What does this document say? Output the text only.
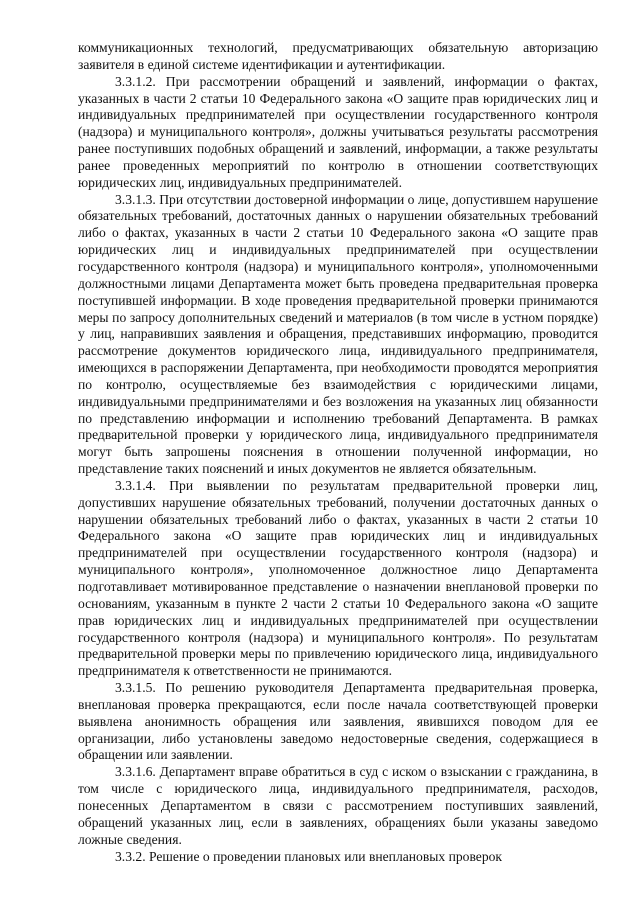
коммуникационных технологий, предусматривающих обязательную авторизацию заявителя в единой системе идентификации и аутентификации.

3.3.1.2. При рассмотрении обращений и заявлений, информации о фактах, указанных в части 2 статьи 10 Федерального закона «О защите прав юридических лиц и индивидуальных предпринимателей при осуществлении государственного контроля (надзора) и муниципального контроля», должны учитываться результаты рассмотрения ранее поступивших подобных обращений и заявлений, информации, а также результаты ранее проведенных мероприятий по контролю в отношении соответствующих юридических лиц, индивидуальных предпринимателей.

3.3.1.3. При отсутствии достоверной информации о лице, допустившем нарушение обязательных требований, достаточных данных о нарушении обязательных требований либо о фактах, указанных в части 2 статьи 10 Федерального закона «О защите прав юридических лиц и индивидуальных предпринимателей при осуществлении государственного контроля (надзора) и муниципального контроля», уполномоченными должностными лицами Департамента может быть проведена предварительная проверка поступившей информации. В ходе проведения предварительной проверки принимаются меры по запросу дополнительных сведений и материалов (в том числе в устном порядке) у лиц, направивших заявления и обращения, представивших информацию, проводится рассмотрение документов юридического лица, индивидуального предпринимателя, имеющихся в распоряжении Департамента, при необходимости проводятся мероприятия по контролю, осуществляемые без взаимодействия с юридическими лицами, индивидуальными предпринимателями и без возложения на указанных лиц обязанности по представлению информации и исполнению требований Департамента. В рамках предварительной проверки у юридического лица, индивидуального предпринимателя могут быть запрошены пояснения в отношении полученной информации, но представление таких пояснений и иных документов не является обязательным.

3.3.1.4. При выявлении по результатам предварительной проверки лиц, допустивших нарушение обязательных требований, получении достаточных данных о нарушении обязательных требований либо о фактах, указанных в части 2 статьи 10 Федерального закона «О защите прав юридических лиц и индивидуальных предпринимателей при осуществлении государственного контроля (надзора) и муниципального контроля», уполномоченное должностное лицо Департамента подготавливает мотивированное представление о назначении внеплановой проверки по основаниям, указанным в пункте 2 части 2 статьи 10 Федерального закона «О защите прав юридических лиц и индивидуальных предпринимателей при осуществлении государственного контроля (надзора) и муниципального контроля». По результатам предварительной проверки меры по привлечению юридического лица, индивидуального предпринимателя к ответственности не принимаются.

3.3.1.5. По решению руководителя Департамента предварительная проверка, внеплановая проверка прекращаются, если после начала соответствующей проверки выявлена анонимность обращения или заявления, явившихся поводом для ее организации, либо установлены заведомо недостоверные сведения, содержащиеся в обращении или заявлении.

3.3.1.6. Департамент вправе обратиться в суд с иском о взыскании с гражданина, в том числе с юридического лица, индивидуального предпринимателя, расходов, понесенных Департаментом в связи с рассмотрением поступивших заявлений, обращений указанных лиц, если в заявлениях, обращениях были указаны заведомо ложные сведения.

3.3.2. Решение о проведении плановых или внеплановых проверок
